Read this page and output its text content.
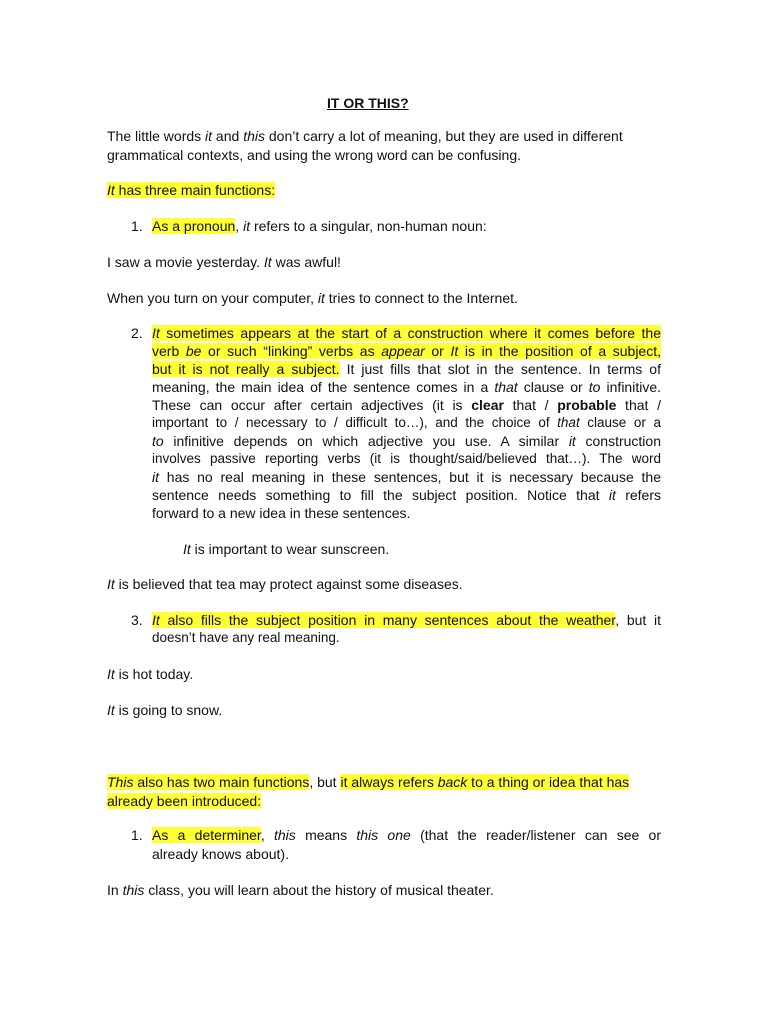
IT OR THIS?
The little words it and this don’t carry a lot of meaning, but they are used in different
grammatical contexts, and using the wrong word can be confusing.
It has three main functions:
1. As a pronoun, it refers to a singular, non-human noun:
I saw a movie yesterday. It was awful!
When you turn on your computer, it tries to connect to the Internet.
2. It sometimes appears at the start of a construction where it comes before the
verb be or such “linking” verbs as appear or It is in the position of a subject,
but it is not really a subject. It just fills that slot in the sentence. In terms of
meaning, the main idea of the sentence comes in a that clause or to infinitive.
These can occur after certain adjectives (it is clear that / probable that /
important to / necessary to / difficult to…), and the choice of that clause or a
to infinitive depends on which adjective you use. A similar it construction
involves passive reporting verbs (it is thought/said/believed that…). The word
it has no real meaning in these sentences, but it is necessary because the
sentence needs something to fill the subject position. Notice that it refers
forward to a new idea in these sentences.
It is important to wear sunscreen.
It is believed that tea may protect against some diseases.
3. It also fills the subject position in many sentences about the weather, but it
doesn’t have any real meaning.
It is hot today.
It is going to snow.
This also has two main functions, but it always refers back to a thing or idea that has
already been introduced:
1. As a determiner, this means this one (that the reader/listener can see or
already knows about).
In this class, you will learn about the history of musical theater.
